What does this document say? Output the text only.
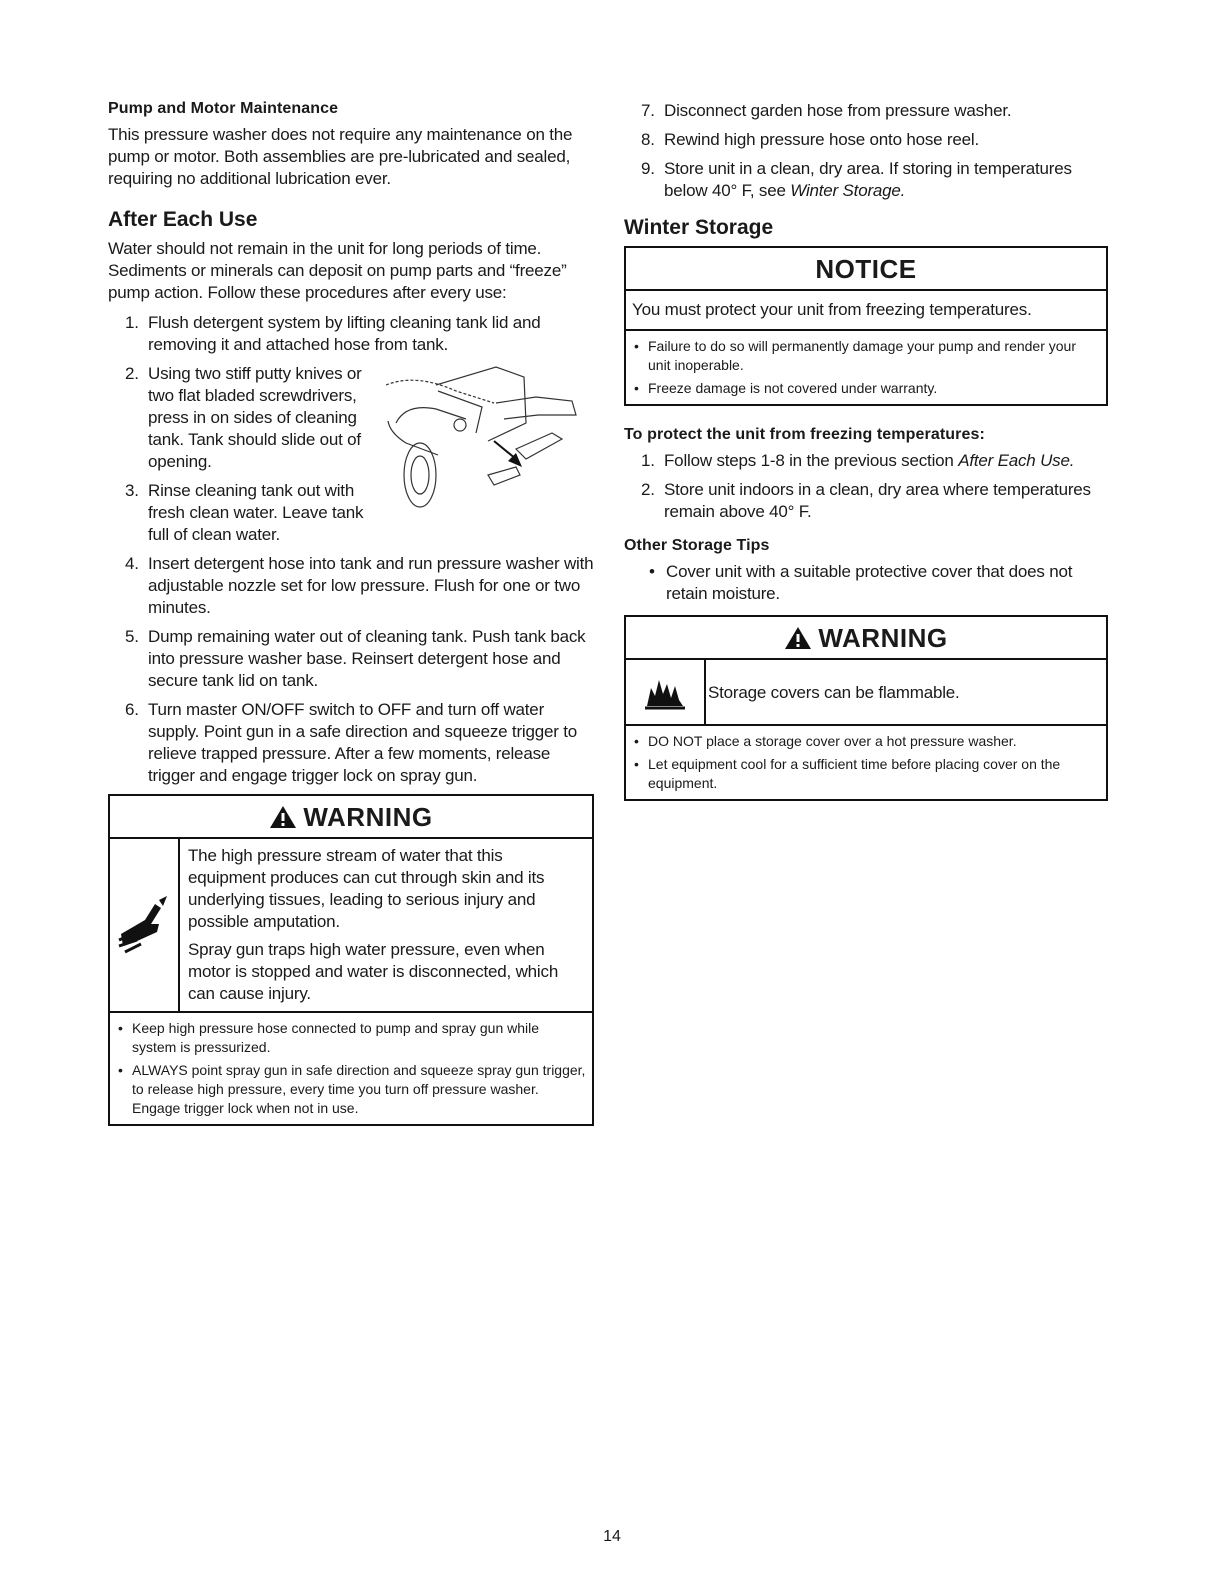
Pump and Motor Maintenance

This pressure washer does not require any maintenance on the pump or motor. Both assemblies are pre-lubricated and sealed, requiring no additional lubrication ever.

After Each Use

Water should not remain in the unit for long periods of time. Sediments or minerals can deposit on pump parts and “freeze” pump action. Follow these procedures after every use:

1. Flush detergent system by lifting cleaning tank lid and removing it and attached hose from tank.
2. Using two stiff putty knives or two flat bladed screwdrivers, press in on sides of cleaning tank. Tank should slide out of opening.
3. Rinse cleaning tank out with fresh clean water. Leave tank full of clean water.
4. Insert detergent hose into tank and run pressure washer with adjustable nozzle set for low pressure. Flush for one or two minutes.
5. Dump remaining water out of cleaning tank. Push tank back into pressure washer base. Reinsert detergent hose and secure tank lid on tank.
6. Turn master ON/OFF switch to OFF and turn off water supply. Point gun in a safe direction and squeeze trigger to relieve trapped pressure. After a few moments, release trigger and engage trigger lock on spray gun.
WARNING
The high pressure stream of water that this equipment produces can cut through skin and its underlying tissues, leading to serious injury and possible amputation.
Spray gun traps high water pressure, even when motor is stopped and water is disconnected, which can cause injury.
• Keep high pressure hose connected to pump and spray gun while system is pressurized.
• ALWAYS point spray gun in safe direction and squeeze spray gun trigger, to release high pressure, every time you turn off pressure washer. Engage trigger lock when not in use.
7. Disconnect garden hose from pressure washer.
8. Rewind high pressure hose onto hose reel.
9. Store unit in a clean, dry area. If storing in temperatures below 40° F, see Winter Storage.
Winter Storage
NOTICE
You must protect your unit from freezing temperatures.
• Failure to do so will permanently damage your pump and render your unit inoperable.
• Freeze damage is not covered under warranty.
To protect the unit from freezing temperatures:
1. Follow steps 1-8 in the previous section After Each Use.
2. Store unit indoors in a clean, dry area where temperatures remain above 40° F.
Other Storage Tips
• Cover unit with a suitable protective cover that does not retain moisture.
WARNING
Storage covers can be flammable.
• DO NOT place a storage cover over a hot pressure washer.
• Let equipment cool for a sufficient time before placing cover on the equipment.
14
